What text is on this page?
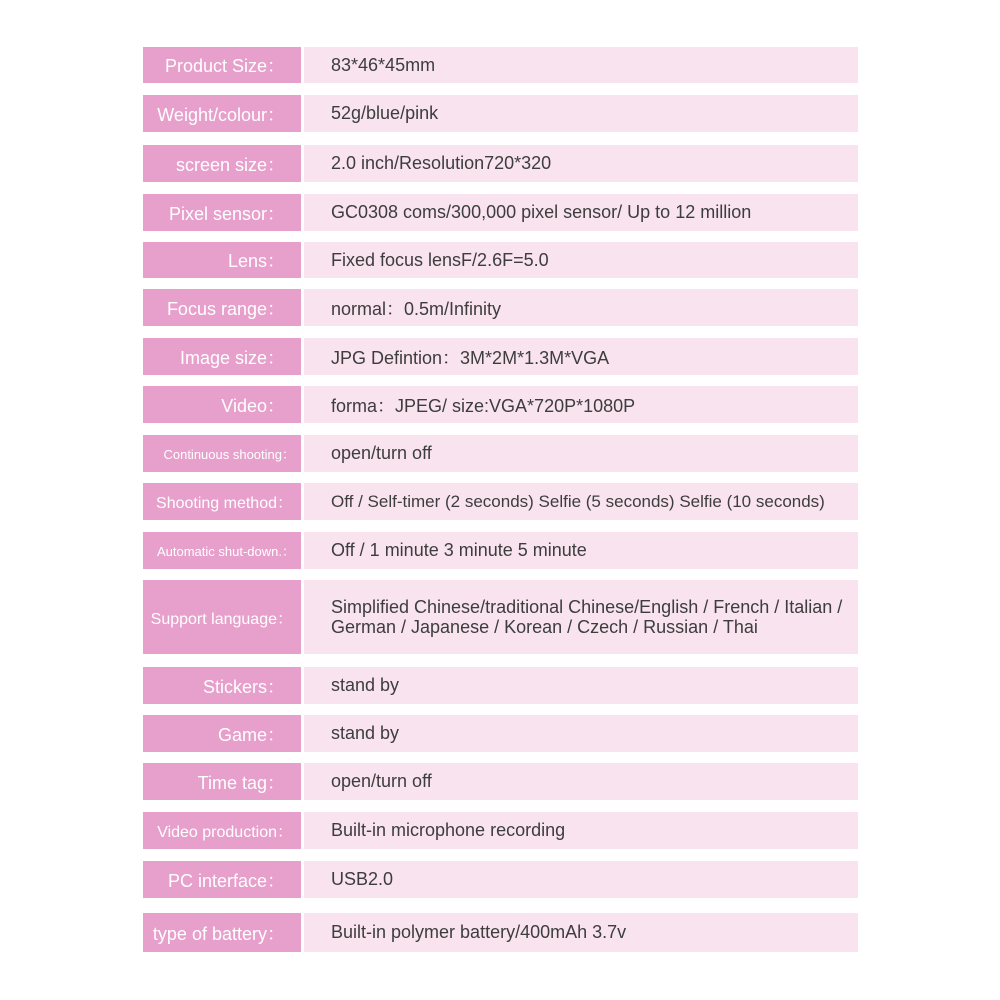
Product Size：	83*46*45mm
Weight/colour：	52g/blue/pink
screen size：	2.0 inch/Resolution720*320
Pixel sensor：	GC0308 coms/300,000 pixel sensor/ Up to 12 million
Lens：	Fixed focus lensF/2.6F=5.0
Focus range：	normal：0.5m/Infinity
Image size：	JPG Defintion：3M*2M*1.3M*VGA
Video：	forma：JPEG/ size:VGA*720P*1080P
Continuous shooting：	open/turn off
Shooting method：	Off / Self-timer (2 seconds) Selfie (5 seconds) Selfie (10 seconds)
Automatic shut-down.：	Off / 1 minute 3 minute 5 minute
Support language：
Simplified Chinese/traditional Chinese/English / French / Italian / German / Japanese / Korean / Czech / Russian / Thai
Stickers：	stand by
Game：	stand by
Time tag：	open/turn off
Video production：	Built-in microphone recording
PC interface：	USB2.0
type of battery：	Built-in polymer battery/400mAh 3.7v
